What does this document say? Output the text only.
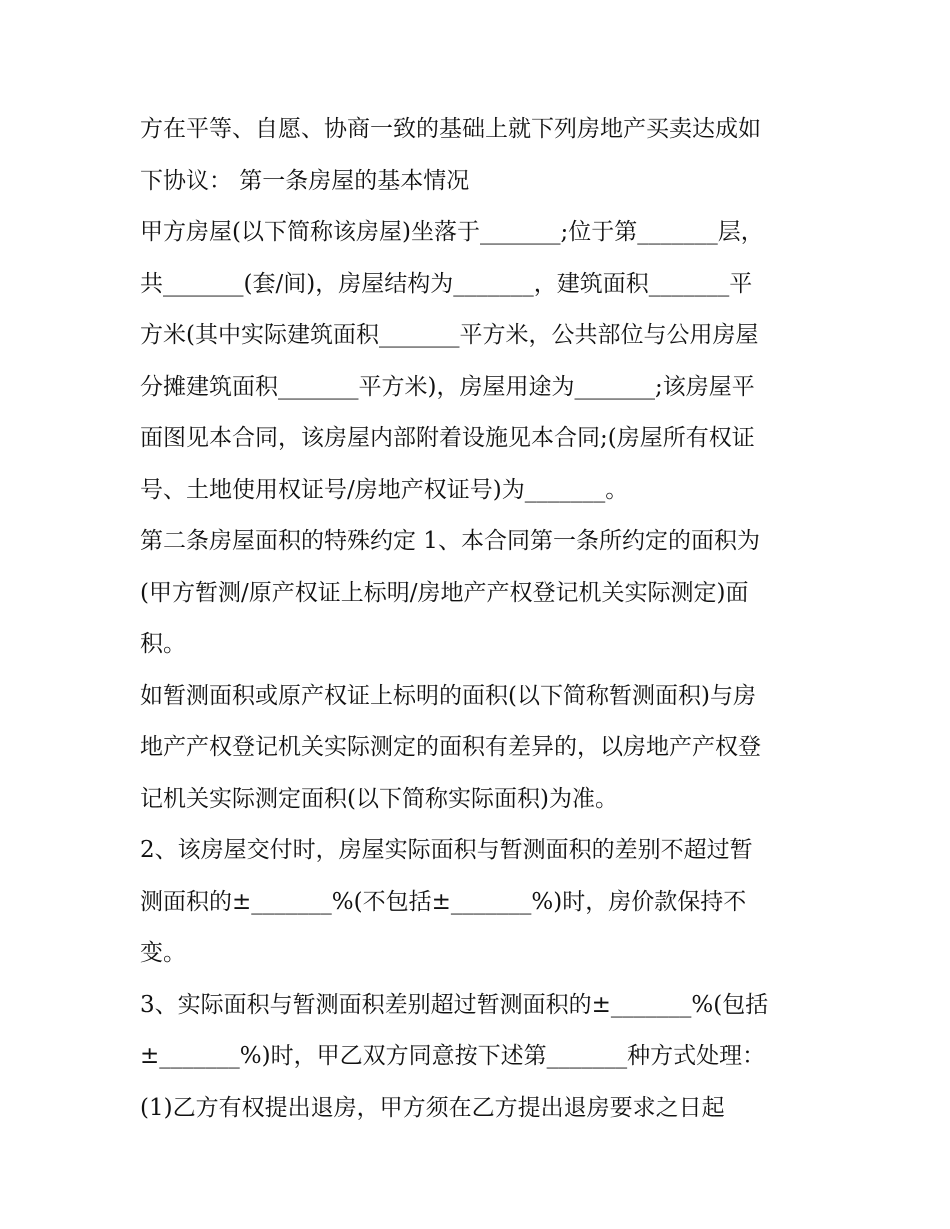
方在平等、自愿、协商一致的基础上就下列房地产买卖达成如
下协议： 第一条房屋的基本情况
甲方房屋(以下简称该房屋)坐落于_______;位于第_______层，
共_______(套/间)，房屋结构为_______，建筑面积_______平
方米(其中实际建筑面积_______平方米，公共部位与公用房屋
分摊建筑面积_______平方米)，房屋用途为_______;该房屋平
面图见本合同，该房屋内部附着设施见本合同;(房屋所有权证
号、土地使用权证号/房地产权证号)为_______。
第二条房屋面积的特殊约定 1、本合同第一条所约定的面积为
(甲方暂测/原产权证上标明/房地产产权登记机关实际测定)面
积。
如暂测面积或原产权证上标明的面积(以下简称暂测面积)与房
地产产权登记机关实际测定的面积有差异的，以房地产产权登
记机关实际测定面积(以下简称实际面积)为准。
2、该房屋交付时，房屋实际面积与暂测面积的差别不超过暂
测面积的±_______%(不包括±_______%)时，房价款保持不
变。
3、实际面积与暂测面积差别超过暂测面积的±_______%(包括
±_______%)时，甲乙双方同意按下述第_______种方式处理：
(1)乙方有权提出退房，甲方须在乙方提出退房要求之日起
